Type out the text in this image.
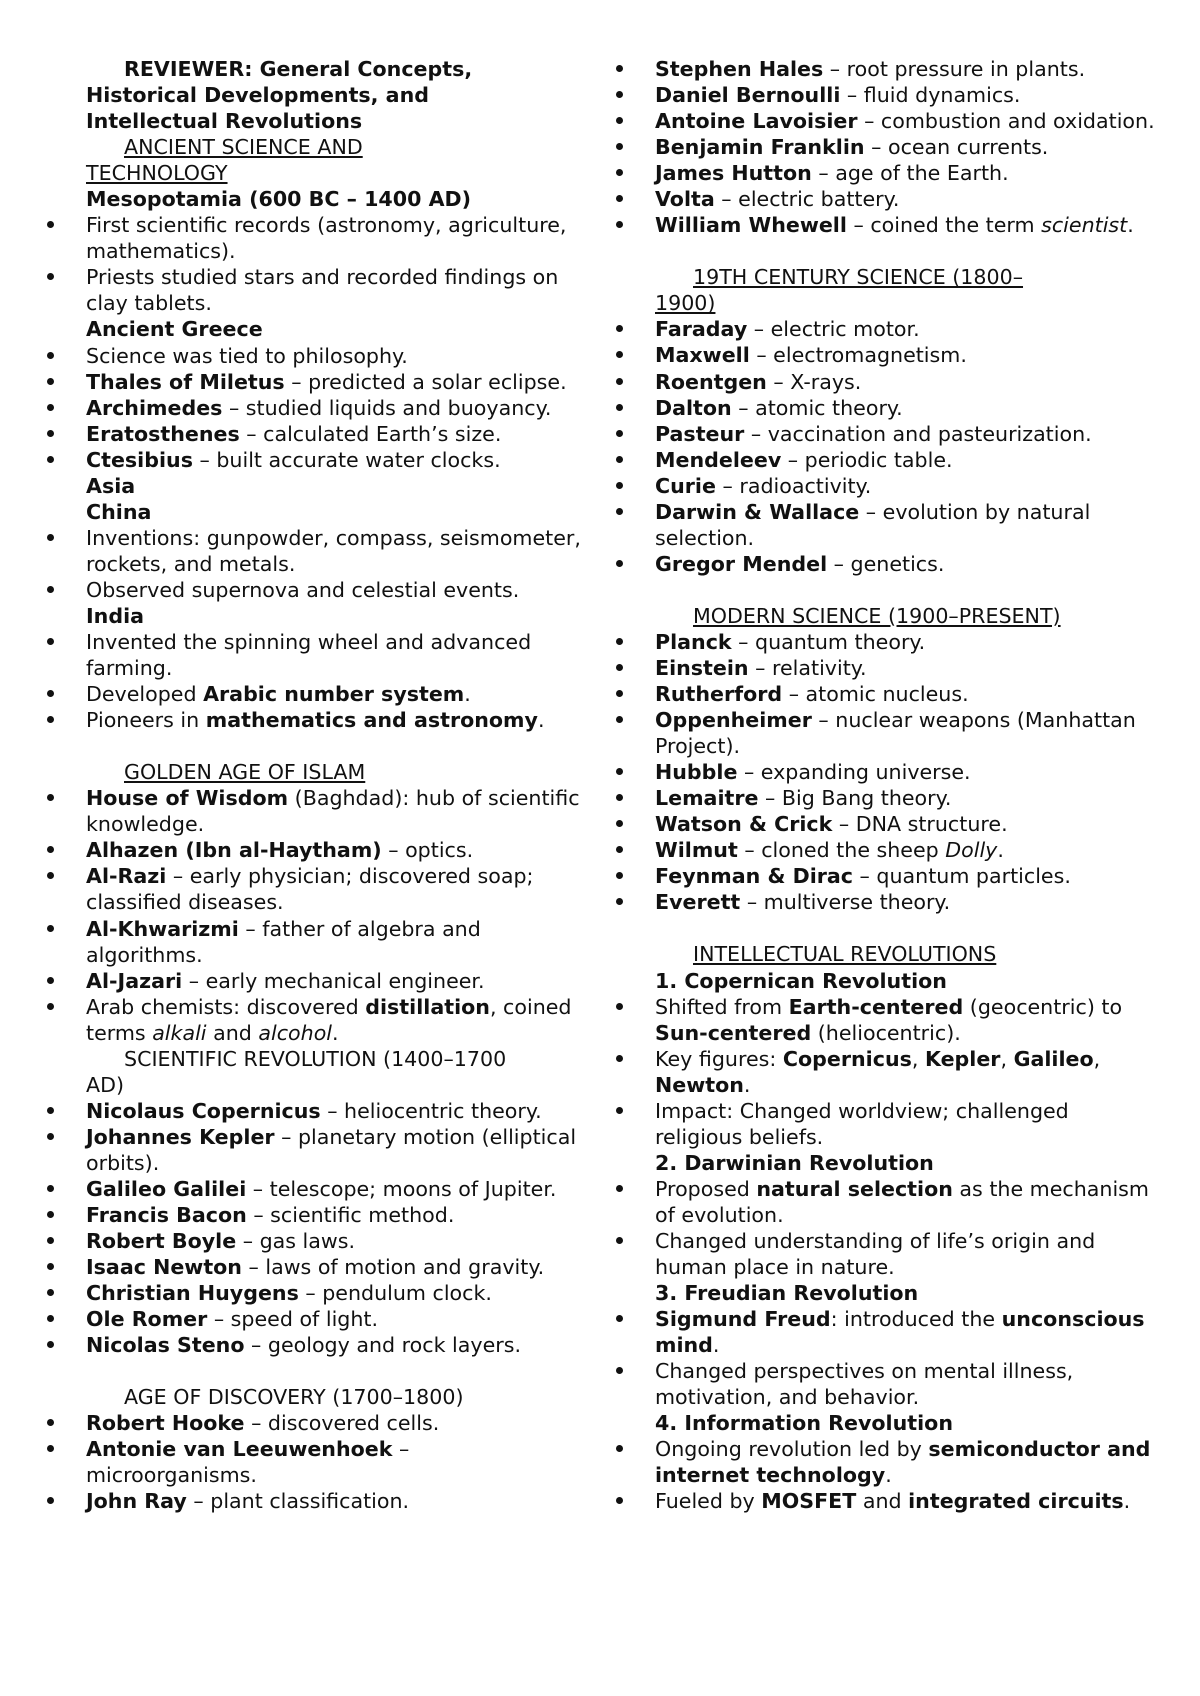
REVIEWER: General Concepts,
Historical Developments, and
Intellectual Revolutions
ANCIENT SCIENCE AND
TECHNOLOGY
Mesopotamia (600 BC – 1400 AD)
First scientific records (astronomy, agriculture, mathematics).
Priests studied stars and recorded findings on clay tablets.
Ancient Greece
Science was tied to philosophy.
Thales of Miletus – predicted a solar eclipse.
Archimedes – studied liquids and buoyancy.
Eratosthenes – calculated Earth’s size.
Ctesibius – built accurate water clocks.
Asia
China
Inventions: gunpowder, compass, seismometer, rockets, and metals.
Observed supernova and celestial events.
India
Invented the spinning wheel and advanced farming.
Developed Arabic number system.
Pioneers in mathematics and astronomy.
GOLDEN AGE OF ISLAM
House of Wisdom (Baghdad): hub of scientific knowledge.
Alhazen (Ibn al-Haytham) – optics.
Al-Razi – early physician; discovered soap; classified diseases.
Al-Khwarizmi – father of algebra and algorithms.
Al-Jazari – early mechanical engineer.
Arab chemists: discovered distillation, coined terms alkali and alcohol.
SCIENTIFIC REVOLUTION (1400–1700
AD)
Nicolaus Copernicus – heliocentric theory.
Johannes Kepler – planetary motion (elliptical orbits).
Galileo Galilei – telescope; moons of Jupiter.
Francis Bacon – scientific method.
Robert Boyle – gas laws.
Isaac Newton – laws of motion and gravity.
Christian Huygens – pendulum clock.
Ole Romer – speed of light.
Nicolas Steno – geology and rock layers.
AGE OF DISCOVERY (1700–1800)
Robert Hooke – discovered cells.
Antonie van Leeuwenhoek – microorganisms.
John Ray – plant classification.
Stephen Hales – root pressure in plants.
Daniel Bernoulli – fluid dynamics.
Antoine Lavoisier – combustion and oxidation.
Benjamin Franklin – ocean currents.
James Hutton – age of the Earth.
Volta – electric battery.
William Whewell – coined the term scientist.
19TH CENTURY SCIENCE (1800–
1900)
Faraday – electric motor.
Maxwell – electromagnetism.
Roentgen – X-rays.
Dalton – atomic theory.
Pasteur – vaccination and pasteurization.
Mendeleev – periodic table.
Curie – radioactivity.
Darwin & Wallace – evolution by natural selection.
Gregor Mendel – genetics.
MODERN SCIENCE (1900–PRESENT)
Planck – quantum theory.
Einstein – relativity.
Rutherford – atomic nucleus.
Oppenheimer – nuclear weapons (Manhattan Project).
Hubble – expanding universe.
Lemaitre – Big Bang theory.
Watson & Crick – DNA structure.
Wilmut – cloned the sheep Dolly.
Feynman & Dirac – quantum particles.
Everett – multiverse theory.
INTELLECTUAL REVOLUTIONS
1. Copernican Revolution
Shifted from Earth-centered (geocentric) to Sun-centered (heliocentric).
Key figures: Copernicus, Kepler, Galileo, Newton.
Impact: Changed worldview; challenged religious beliefs.
2. Darwinian Revolution
Proposed natural selection as the mechanism of evolution.
Changed understanding of life’s origin and human place in nature.
3. Freudian Revolution
Sigmund Freud: introduced the unconscious mind.
Changed perspectives on mental illness, motivation, and behavior.
4. Information Revolution
Ongoing revolution led by semiconductor and internet technology.
Fueled by MOSFET and integrated circuits.
